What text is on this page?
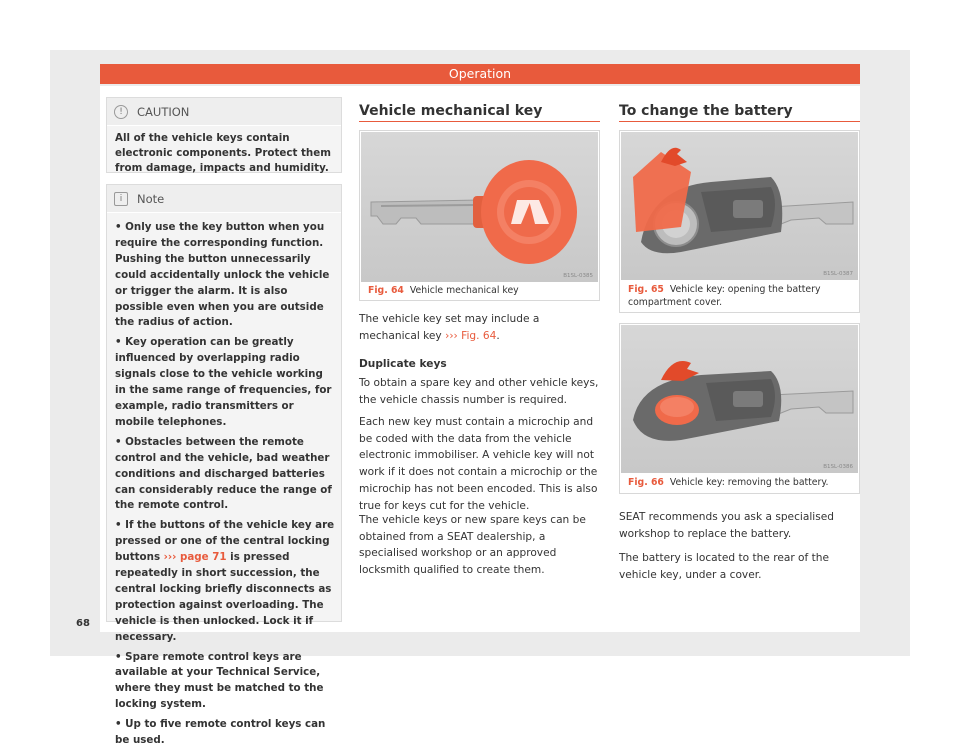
Operation
68
!	CAUTION
All of the vehicle keys contain electronic components. Protect them from damage, impacts and humidity.
i	Note
• Only use the key button when you require the corresponding function. Pushing the button unnecessarily could accidentally unlock the vehicle or trigger the alarm. It is also possible even when you are outside the radius of action.
• Key operation can be greatly influenced by overlapping radio signals close to the vehicle working in the same range of frequencies, for example, radio transmitters or mobile telephones.
• Obstacles between the remote control and the vehicle, bad weather conditions and discharged batteries can considerably reduce the range of the remote control.
• If the buttons of the vehicle key are pressed or one of the central locking buttons ››› page 71 is pressed repeatedly in short succession, the central locking briefly disconnects as protection against overloading. The vehicle is then unlocked. Lock it if necessary.
• Spare remote control keys are available at your Technical Service, where they must be matched to the locking system.
• Up to five remote control keys can be used.
Vehicle mechanical key
B1SL-0385
Fig. 64 Vehicle mechanical key
The vehicle key set may include a mechanical key ››› Fig. 64.
Duplicate keys
To obtain a spare key and other vehicle keys, the vehicle chassis number is required.
Each new key must contain a microchip and be coded with the data from the vehicle electronic immobiliser. A vehicle key will not work if it does not contain a microchip or the microchip has not been encoded. This is also true for keys cut for the vehicle.
The vehicle keys or new spare keys can be obtained from a SEAT dealership, a specialised workshop or an approved locksmith qualified to create them.
To change the battery
B1SL-0387
Fig. 65 Vehicle key: opening the battery compartment cover.
B1SL-0386
Fig. 66 Vehicle key: removing the battery.
SEAT recommends you ask a specialised workshop to replace the battery.
The battery is located to the rear of the vehicle key, under a cover.
